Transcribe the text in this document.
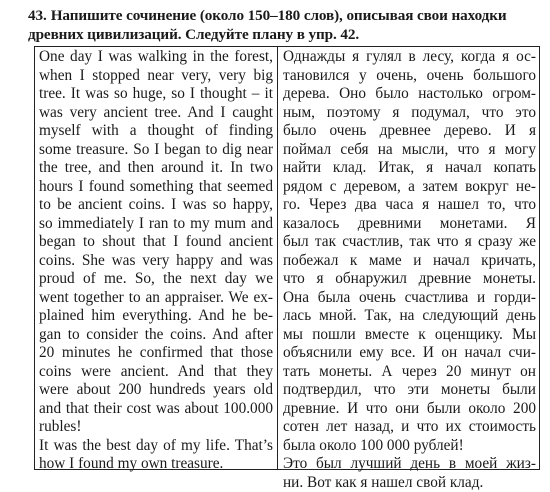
43. Напишите сочинение (около 150–180 слов), описывая свои находки
древних цивилизаций. Следуйте плану в упр. 42.
One day I was walking in the forest,
when I stopped near very, very big
tree. It was so huge, so I thought – it
was very ancient tree. And I caught
myself with a thought of finding
some treasure. So I began to dig near
the tree, and then around it. In two
hours I found something that seemed
to be ancient coins. I was so happy,
so immediately I ran to my mum and
began to shout that I found ancient
coins. She was very happy and was
proud of me. So, the next day we
went together to an appraiser. We ex-
plained him everything. And he be-
gan to consider the coins. And after
20 minutes he confirmed that those
coins were ancient. And that they
were about 200 hundreds years old
and that their cost was about 100.000
rubles!
It was the best day of my life. That’s
how I found my own treasure.
Однажды я гулял в лесу, когда я ос-
тановился у очень, очень большого
дерева. Оно было настолько огром-
ным, поэтому я подумал, что это
было очень древнее дерево. И я
поймал себя на мысли, что я могу
найти клад. Итак, я начал копать
рядом с деревом, а затем вокруг не-
го. Через два часа я нашел то, что
казалось древними монетами. Я
был так счастлив, так что я сразу же
побежал к маме и начал кричать,
что я обнаружил древние монеты.
Она была очень счастлива и горди-
лась мной. Так, на следующий день
мы пошли вместе к оценщику. Мы
объяснили ему все. И он начал счи-
тать монеты. А через 20 минут он
подтвердил, что эти монеты были
древние. И что они были около 200
сотен лет назад, и что их стоимость
была около 100 000 рублей!
Это был лучший день в моей жиз-
ни. Вот как я нашел свой клад.
